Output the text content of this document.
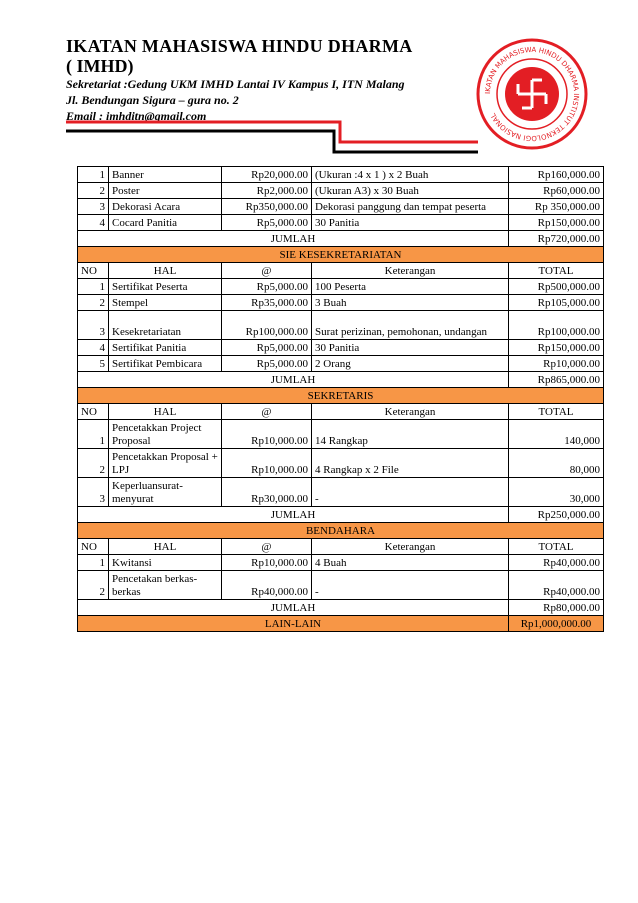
IKATAN MAHASISWA HINDU DHARMA
( IMHD)
Sekretariat :Gedung UKM IMHD Lantai IV Kampus I, ITN Malang
Jl. Bendungan Sigura – gura no. 2
Email : imhditn@gmail.com
IKATAN MAHASISWA HINDU DHARMA INSTITUT TEKNOLOGI NASIONAL
1	Banner	Rp20,000.00	(Ukuran :4 x 1 ) x 2 Buah	Rp160,000.00
2	Poster	Rp2,000.00	(Ukuran A3) x 30 Buah	Rp60,000.00
3	Dekorasi Acara	Rp350,000.00	Dekorasi panggung dan tempat peserta	Rp 350,000.00
4	Cocard Panitia	Rp5,000.00	30 Panitia	Rp150,000.00
JUMLAH				Rp720,000.00
SIE KESEKRETARIATAN				
NO	HAL	@	Keterangan	TOTAL
1	Sertifikat Peserta	Rp5,000.00	100 Peserta	Rp500,000.00
2	Stempel	Rp35,000.00	3 Buah	Rp105,000.00
3	Kesekretariatan	Rp100,000.00	Surat perizinan, pemohonan, undangan	Rp100,000.00
4	Sertifikat Panitia	Rp5,000.00	30 Panitia	Rp150,000.00
5	Sertifikat Pembicara	Rp5,000.00	2 Orang	Rp10,000.00
JUMLAH				Rp865,000.00
SEKRETARIS				
NO	HAL	@	Keterangan	TOTAL
1	Pencetakkan Project Proposal	Rp10,000.00	14 Rangkap	140,000
2	Pencetakkan Proposal + LPJ	Rp10,000.00	4 Rangkap x 2 File	80,000
3	Keperluansurat-menyurat	Rp30,000.00	-	30,000
JUMLAH				Rp250,000.00
BENDAHARA				
NO	HAL	@	Keterangan	TOTAL
1	Kwitansi	Rp10,000.00	4 Buah	Rp40,000.00
2	Pencetakan berkas-berkas	Rp40,000.00	-	Rp40,000.00
JUMLAH				Rp80,000.00
LAIN-LAIN				Rp1,000,000.00
